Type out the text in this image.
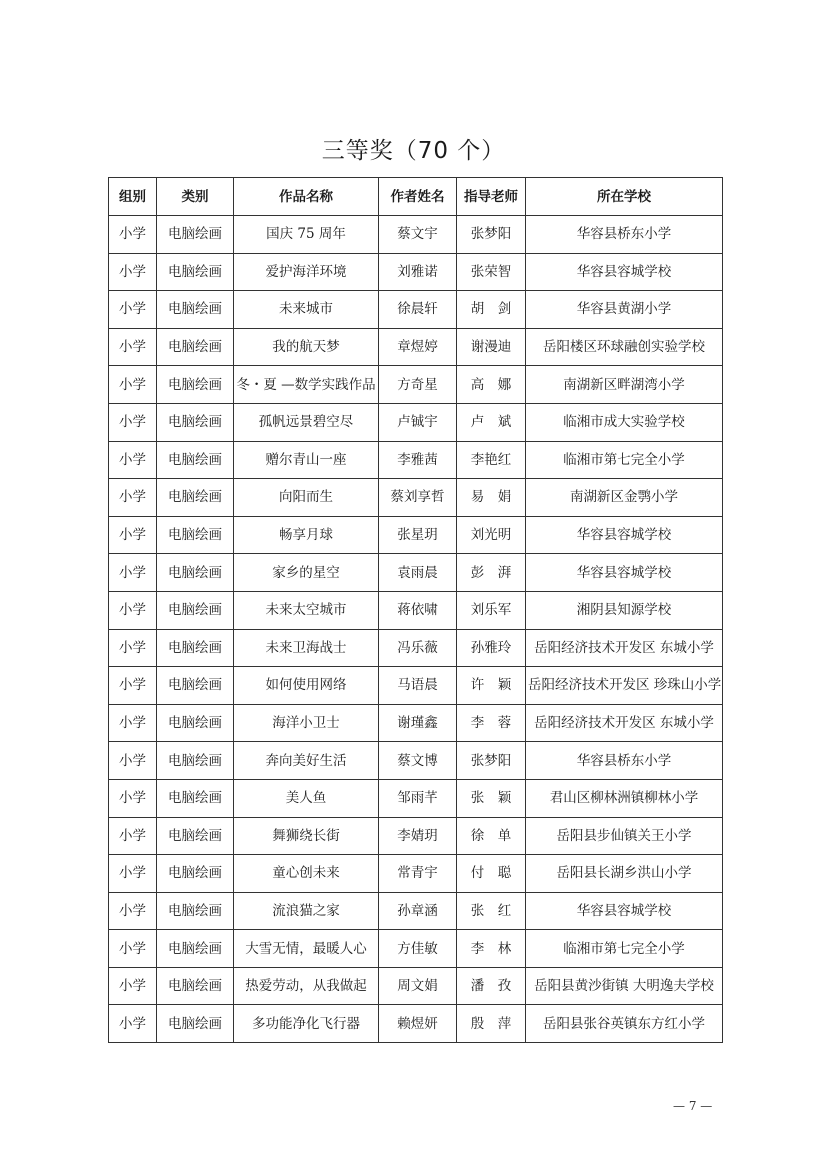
三等奖（70 个）
组别	类别	作品名称	作者姓名	指导老师	所在学校
小学	电脑绘画	国庆 75 周年	蔡文宇	张梦阳	华容县桥东小学
小学	电脑绘画	爱护海洋环境	刘雅诺	张荣智	华容县容城学校
小学	电脑绘画	未来城市	徐晨轩	胡　剑	华容县黄湖小学
小学	电脑绘画	我的航天梦	章煜婷	谢漫迪	岳阳楼区环球融创实验学校
小学	电脑绘画	冬・夏 —数学实践作品	方奇星	高　娜	南湖新区畔湖湾小学
小学	电脑绘画	孤帆远景碧空尽	卢铖宇	卢　斌	临湘市成大实验学校
小学	电脑绘画	赠尔青山一座	李雅茜	李艳红	临湘市第七完全小学
小学	电脑绘画	向阳而生	蔡刘享哲	易　娟	南湖新区金鹗小学
小学	电脑绘画	畅享月球	张星玥	刘光明	华容县容城学校
小学	电脑绘画	家乡的星空	袁雨晨	彭　湃	华容县容城学校
小学	电脑绘画	未来太空城市	蒋依啸	刘乐军	湘阴县知源学校
小学	电脑绘画	未来卫海战士	冯乐薇	孙雅玲	岳阳经济技术开发区 东城小学
小学	电脑绘画	如何使用网络	马语晨	许　颖	岳阳经济技术开发区 珍珠山小学
小学	电脑绘画	海洋小卫士	谢瑾鑫	李　蓉	岳阳经济技术开发区 东城小学
小学	电脑绘画	奔向美好生活	蔡文博	张梦阳	华容县桥东小学
小学	电脑绘画	美人鱼	邹雨芊	张　颖	君山区柳林洲镇柳林小学
小学	电脑绘画	舞狮绕长街	李婧玥	徐　单	岳阳县步仙镇关王小学
小学	电脑绘画	童心创未来	常青宇	付　聪	岳阳县长湖乡洪山小学
小学	电脑绘画	流浪猫之家	孙章涵	张　红	华容县容城学校
小学	电脑绘画	大雪无情，最暖人心	方佳敏	李　林	临湘市第七完全小学
小学	电脑绘画	热爱劳动，从我做起	周文娟	潘　孜	岳阳县黄沙街镇 大明逸夫学校
小学	电脑绘画	多功能净化飞行器	赖煜妍	殷　萍	岳阳县张谷英镇东方红小学
— 7 —
